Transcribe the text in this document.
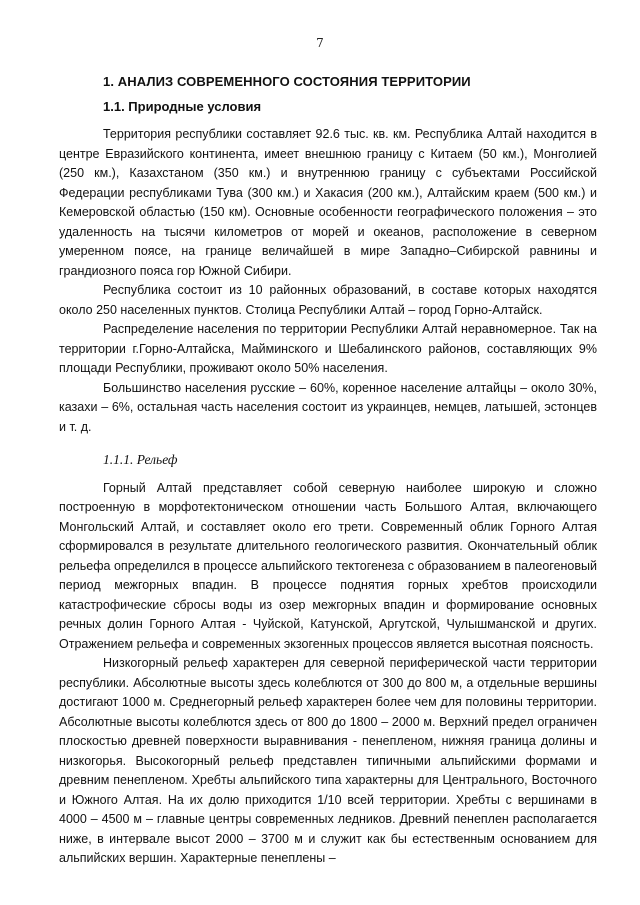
7
1. АНАЛИЗ СОВРЕМЕННОГО СОСТОЯНИЯ ТЕРРИТОРИИ
1.1. Природные условия

Территория республики составляет 92.6 тыс. кв. км. Республика Алтай находится в центре Евразийского континента, имеет внешнюю границу с Китаем (50 км.), Монголией (250 км.), Казахстаном (350 км.) и внутреннюю границу с субъектами Российской Федерации республиками Тува (300 км.) и Хакасия (200 км.), Алтайским краем (500 км.) и Кемеровской областью (150 км). Основные особенности географического положения – это удаленность на тысячи километров от морей и океанов, расположение в северном умеренном поясе, на границе величайшей в мире Западно–Сибирской равнины и грандиозного пояса гор Южной Сибири.

Республика состоит из 10 районных образований, в составе которых находятся около 250 населенных пунктов. Столица Республики Алтай – город Горно-Алтайск.

Распределение населения по территории Республики Алтай неравномерное. Так на территории г.Горно-Алтайска, Майминского и Шебалинского районов, составляющих 9% площади Республики, проживают около 50% населения.

Большинство населения русские – 60%, коренное население алтайцы – около 30%, казахи – 6%, остальная часть населения состоит из украинцев, немцев, латышей, эстонцев и т. д.

1.1.1. Рельеф

Горный Алтай представляет собой северную наиболее широкую и сложно построенную в морфотектоническом отношении часть Большого Алтая, включающего Монгольский Алтай, и составляет около его трети. Современный облик Горного Алтая сформировался в результате длительного геологического развития. Окончательный облик рельефа определился в процессе альпийского тектогенеза с образованием в палеогеновый период межгорных впадин. В процессе поднятия горных хребтов происходили катастрофические сбросы воды из озер межгорных впадин и формирование основных речных долин Горного Алтая - Чуйской, Катунской, Аргутской, Чулышманской и других. Отражением рельефа и современных экзогенных процессов является высотная поясность.

Низкогорный рельеф характерен для северной периферической части территории республики. Абсолютные высоты здесь колеблются от 300 до 800 м, а отдельные вершины достигают 1000 м. Среднегорный рельеф характерен более чем для половины территории. Абсолютные высоты колеблются здесь от 800 до 1800 – 2000 м. Верхний предел ограничен плоскостью древней поверхности выравнивания - пенепленом, нижняя граница долины и низкогорья. Высокогорный рельеф представлен типичными альпийскими формами и древним пенепленом. Хребты альпийского типа характерны для Центрального, Восточного и Южного Алтая. На их долю приходится 1/10 всей территории. Хребты с вершинами в 4000 – 4500 м – главные центры современных ледников. Древний пенеплен располагается ниже, в интервале высот 2000 – 3700 м и служит как бы естественным основанием для альпийских вершин. Характерные пенеплены –
